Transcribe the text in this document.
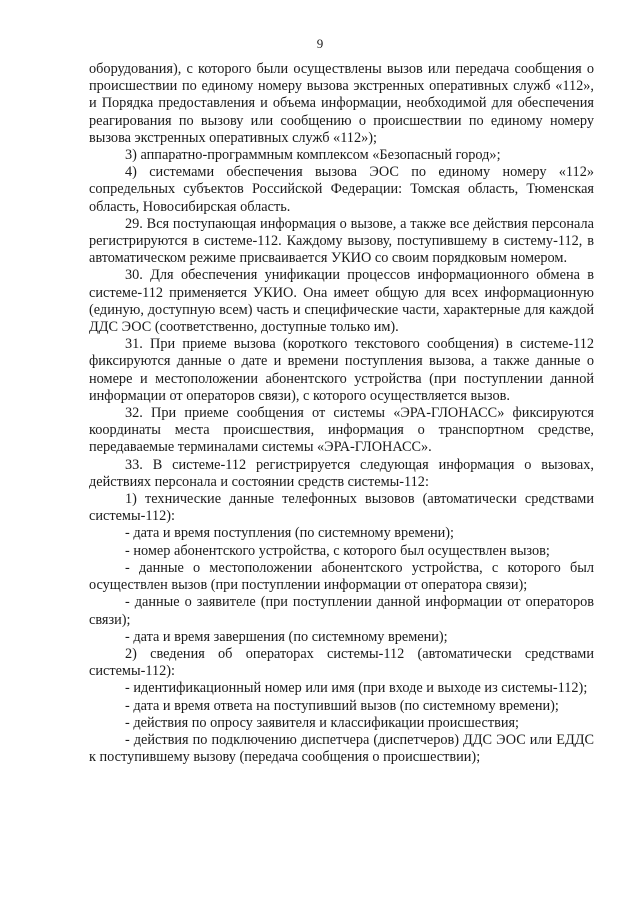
9

оборудования), с которого были осуществлены вызов или передача сообщения о происшествии по единому номеру вызова экстренных оперативных служб «112», и Порядка предоставления и объема информации, необходимой для обеспечения реагирования по вызову или сообщению о происшествии по единому номеру вызова экстренных оперативных служб «112»);

3) аппаратно-программным комплексом «Безопасный город»;

4) системами обеспечения вызова ЭОС по единому номеру «112» сопредельных субъектов Российской Федерации: Томская область, Тюменская область, Новосибирская область.

29. Вся поступающая информация о вызове, а также все действия персонала регистрируются в системе-112. Каждому вызову, поступившему в систему-112, в автоматическом режиме присваивается УКИО со своим порядковым номером.

30. Для обеспечения унификации процессов информационного обмена в системе-112 применяется УКИО. Она имеет общую для всех информационную (единую, доступную всем) часть и специфические части, характерные для каждой ДДС ЭОС (соответственно, доступные только им).

31. При приеме вызова (короткого текстового сообщения) в системе-112 фиксируются данные о дате и времени поступления вызова, а также данные о номере и местоположении абонентского устройства (при поступлении данной информации от операторов связи), с которого осуществляется вызов.

32. При приеме сообщения от системы «ЭРА-ГЛОНАСС» фиксируются координаты места происшествия, информация о транспортном средстве, передаваемые терминалами системы «ЭРА-ГЛОНАСС».

33. В системе-112 регистрируется следующая информация о вызовах, действиях персонала и состоянии средств системы-112:

1) технические данные телефонных вызовов (автоматически средствами системы-112):

- дата и время поступления (по системному времени);

- номер абонентского устройства, с которого был осуществлен вызов;

- данные о местоположении абонентского устройства, с которого был осуществлен вызов (при поступлении информации от оператора связи);

- данные о заявителе (при поступлении данной информации от операторов связи);

- дата и время завершения (по системному времени);

2) сведения об операторах системы-112 (автоматически средствами системы-112):

- идентификационный номер или имя (при входе и выходе из системы-112);

- дата и время ответа на поступивший вызов (по системному времени);

- действия по опросу заявителя и классификации происшествия;

- действия по подключению диспетчера (диспетчеров) ДДС ЭОС или ЕДДС к поступившему вызову (передача сообщения о происшествии);
